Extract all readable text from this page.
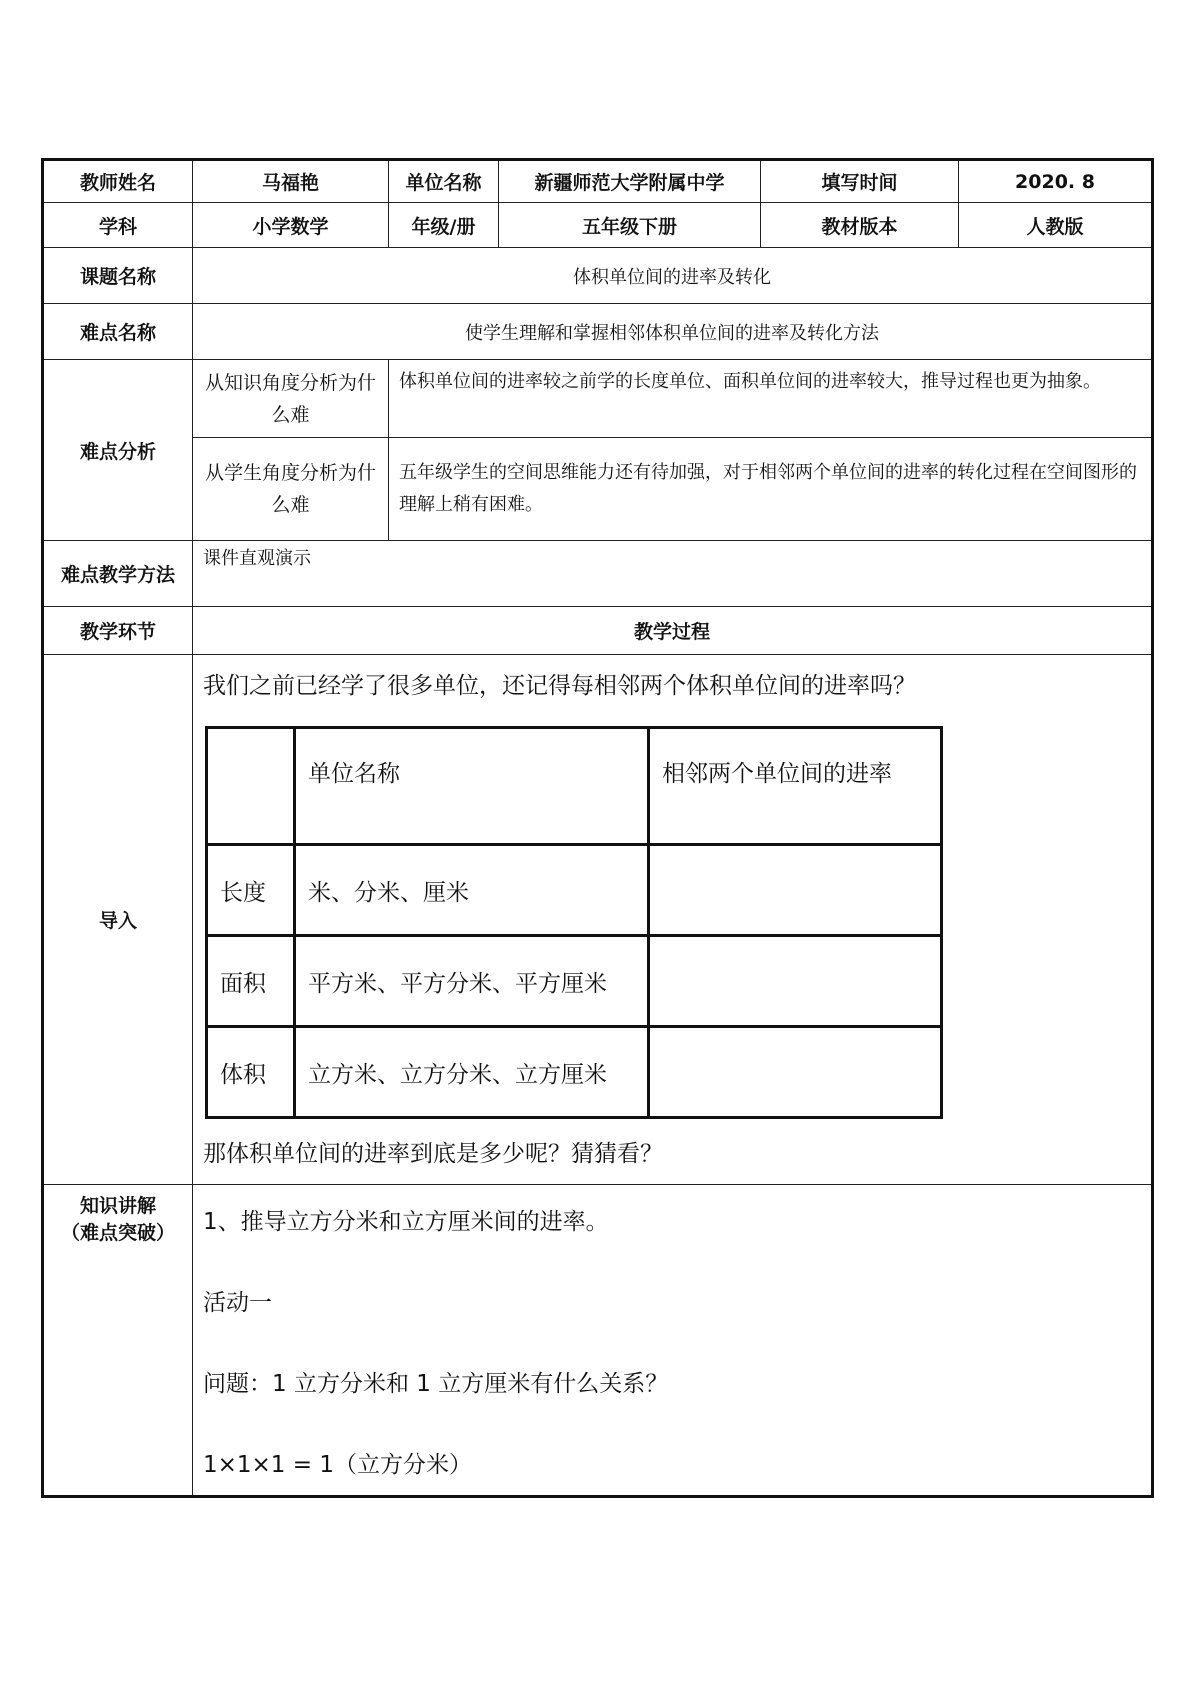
教师姓名	马福艳	单位名称	新疆师范大学附属中学	填写时间	2020. 8
学科	小学数学	年级/册	五年级下册	教材版本	人教版
课题名称	体积单位间的进率及转化
难点名称	使学生理解和掌握相邻体积单位间的进率及转化方法
难点分析	从知识角度分析为什么难	体积单位间的进率较之前学的长度单位、面积单位间的进率较大，推导过程也更为抽象。
从学生角度分析为什么难	五年级学生的空间思维能力还有待加强，对于相邻两个单位间的进率的转化过程在空间图形的理解上稍有困难。
难点教学方法	课件直观演示
教学环节	教学过程
导入	

我们之前已经学了很多单位，还记得每相邻两个体积单位间的进率吗？

	单位名称	相邻两个单位间的进率
长度	米、分米、厘米	
面积	平方米、平方分米、平方厘米	
体积	立方米、立方分米、立方厘米	

那体积单位间的进率到底是多少呢？猜猜看？

知识讲解
（难点突破）	1、推导立方分米和立方厘米间的进率。

活动一

问题：1 立方分米和 1 立方厘米有什么关系？

1×1×1 = 1（立方分米）
